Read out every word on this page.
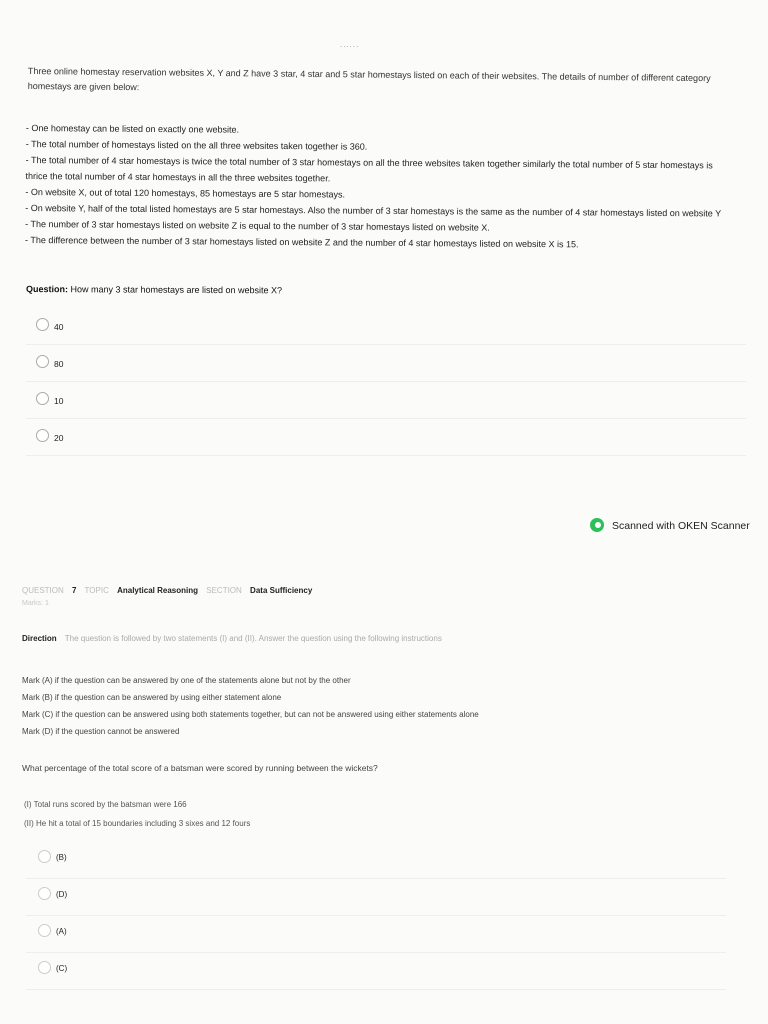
......

Three online homestay reservation websites X, Y and Z have 3 star, 4 star and 5 star homestays listed on each of their websites. The details of number of different category

homestays are given below:

- One homestay can be listed on exactly one website.
- The total number of homestays listed on the all three websites taken together is 360.
- The total number of 4 star homestays is twice the total number of 3 star homestays on all the three websites taken together similarly the total number of 5 star homestays is
thrice the total number of 4 star homestays in all the three websites together.
- On website X, out of total 120 homestays, 85 homestays are 5 star homestays.
- On website Y, half of the total listed homestays are 5 star homestays. Also the number of 3 star homestays is the same as the number of 4 star homestays listed on website Y
- The number of 3 star homestays listed on website Z is equal to the number of 3 star homestays listed on website X.
- The difference between the number of 3 star homestays listed on website Z and the number of 4 star homestays listed on website X is 15.
Question: How many 3 star homestays are listed on website X?
40
80
10
20
Scanned with OKEN Scanner
QUESTION 7 TOPIC Analytical Reasoning SECTION Data Sufficiency
Marks: 1
Direction The question is followed by two statements (I) and (II). Answer the question using the following instructions
Mark (A) if the question can be answered by one of the statements alone but not by the other
Mark (B) if the question can be answered by using either statement alone
Mark (C) if the question can be answered using both statements together, but can not be answered using either statements alone
Mark (D) if the question cannot be answered
What percentage of the total score of a batsman were scored by running between the wickets?
(I) Total runs scored by the batsman were 166
(II) He hit a total of 15 boundaries including 3 sixes and 12 fours
(B)
(D)
(A)
(C)
